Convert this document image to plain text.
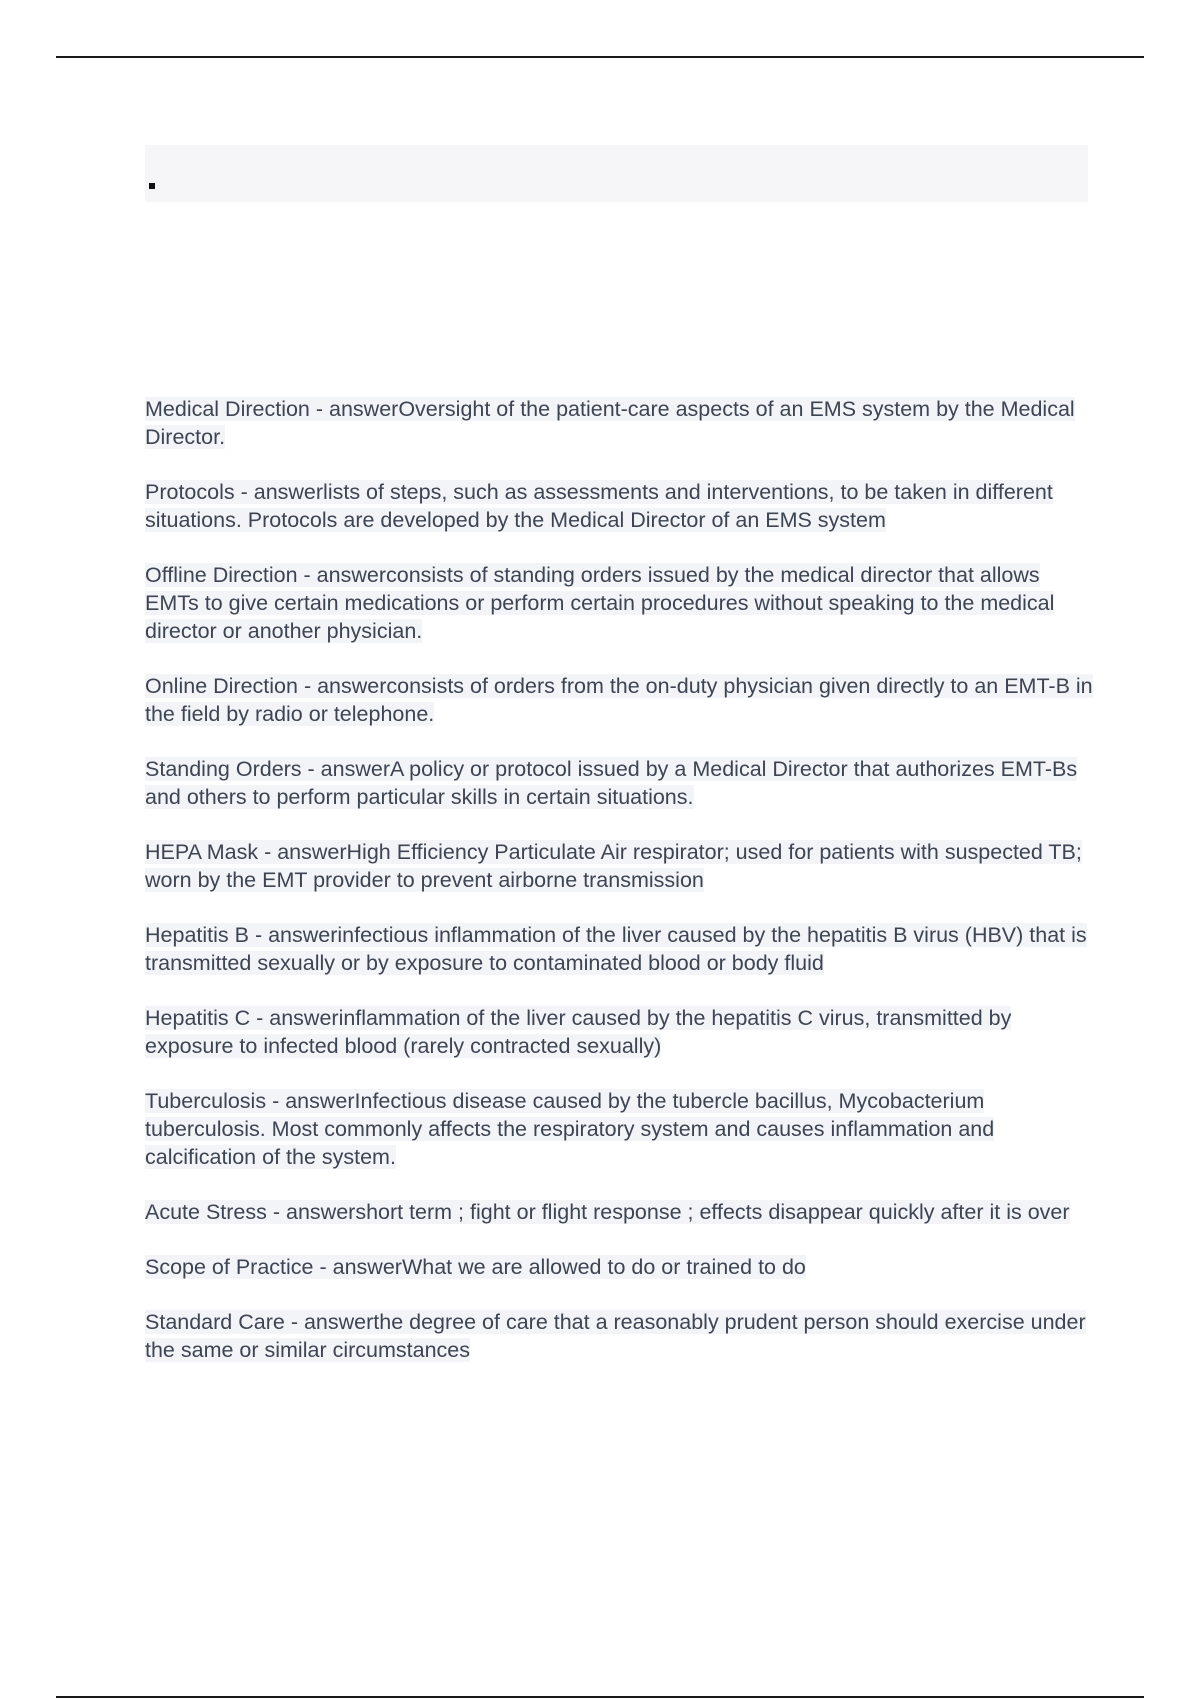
Medical Direction - answerOversight of the patient-care aspects of an EMS system by the Medical Director.

Protocols - answerlists of steps, such as assessments and interventions, to be taken in different situations. Protocols are developed by the Medical Director of an EMS system

Offline Direction - answerconsists of standing orders issued by the medical director that allows EMTs to give certain medications or perform certain procedures without speaking to the medical director or another physician.

Online Direction - answerconsists of orders from the on-duty physician given directly to an EMT-B in the field by radio or telephone.

Standing Orders - answerA policy or protocol issued by a Medical Director that authorizes EMT-Bs and others to perform particular skills in certain situations.

HEPA Mask - answerHigh Efficiency Particulate Air respirator; used for patients with suspected TB; worn by the EMT provider to prevent airborne transmission

Hepatitis B - answerinfectious inflammation of the liver caused by the hepatitis B virus (HBV) that is transmitted sexually or by exposure to contaminated blood or body fluid

Hepatitis C - answerinflammation of the liver caused by the hepatitis C virus, transmitted by exposure to infected blood (rarely contracted sexually)

Tuberculosis - answerInfectious disease caused by the tubercle bacillus, Mycobacterium tuberculosis. Most commonly affects the respiratory system and causes inflammation and calcification of the system.

Acute Stress - answershort term ; fight or flight response ; effects disappear quickly after it is over

Scope of Practice - answerWhat we are allowed to do or trained to do

Standard Care - answerthe degree of care that a reasonably prudent person should exercise under the same or similar circumstances
